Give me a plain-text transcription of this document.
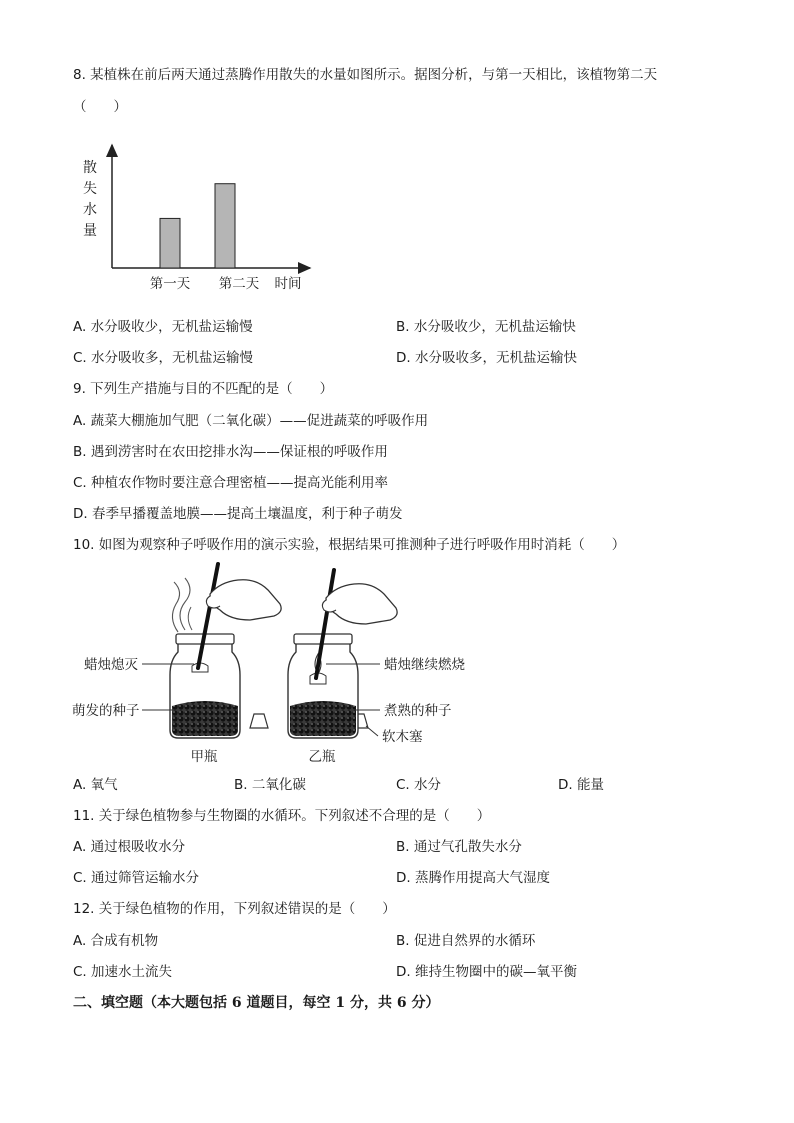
8. 某植株在前后两天通过蒸腾作用散失的水量如图所示。据图分析，与第一天相比，该植物第二天
（　　）
散
失
水
量
第一天 第二天 时间
A. 水分吸收少，无机盐运输慢	B. 水分吸收少，无机盐运输快
C. 水分吸收多，无机盐运输慢	D. 水分吸收多，无机盐运输快
9. 下列生产措施与目的不匹配的是（　　）
A. 蔬菜大棚施加气肥（二氧化碳）——促进蔬菜的呼吸作用
B. 遇到涝害时在农田挖排水沟——保证根的呼吸作用
C. 种植农作物时要注意合理密植——提高光能利用率
D. 春季早播覆盖地膜——提高土壤温度，利于种子萌发
10. 如图为观察种子呼吸作用的演示实验，根据结果可推测种子进行呼吸作用时消耗（　　）
蜡烛熄灭
萌发的种子
甲瓶
蜡烛继续燃烧
煮熟的种子
软木塞
乙瓶
A. 氧气	B. 二氧化碳	C. 水分	D. 能量
11. 关于绿色植物参与生物圈的水循环。下列叙述不合理的是（　　）
A. 通过根吸收水分	B. 通过气孔散失水分
C. 通过筛管运输水分	D. 蒸腾作用提高大气湿度
12. 关于绿色植物的作用，下列叙述错误的是（　　）
A. 合成有机物	B. 促进自然界的水循环
C. 加速水土流失	D. 维持生物圈中的碳—氧平衡
二、填空题（本大题包括 6 道题目，每空 1 分，共 6 分）
